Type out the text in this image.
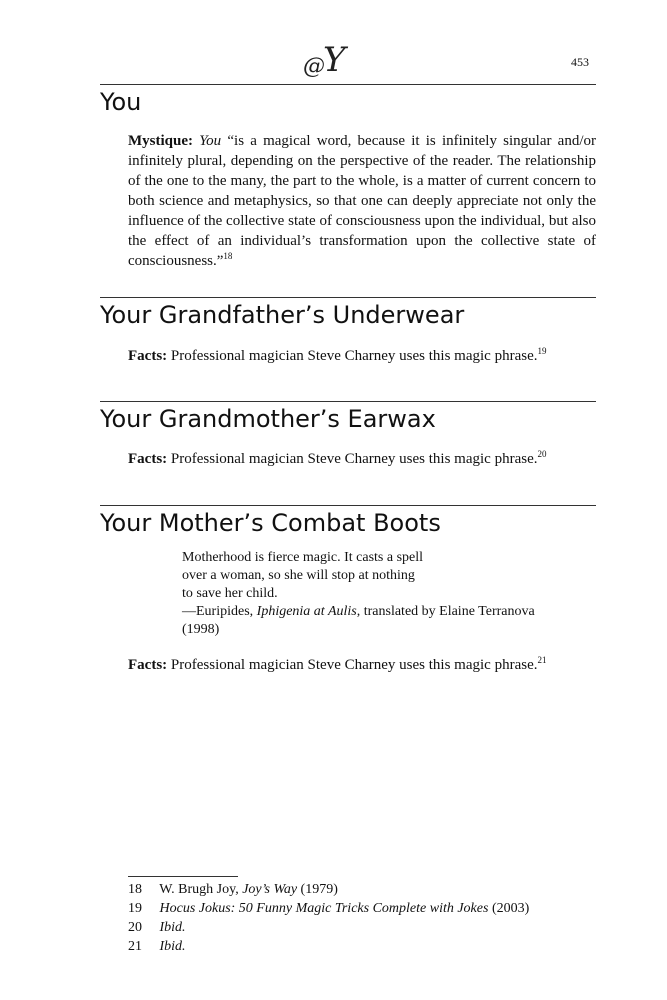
@
Y	453
You

Mystique: You “is a magical word, because it is infinitely singular and/or infinitely plural, depending on the perspective of the reader. The relationship of the one to the many, the part to the whole, is a matter of current concern to both science and metaphysics, so that one can deeply appreciate not only the influence of the collective state of consciousness upon the individual, but also the effect of an individual’s transformation upon the collective state of consciousness.”$^{18}$

Your Grandfather’s Underwear

Facts: Professional magician Steve Charney uses this magic phrase.$^{19}$

Your Grandmother’s Earwax

Facts: Professional magician Steve Charney uses this magic phrase.$^{20}$

Your Mother’s Combat Boots
Motherhood is fierce magic. It casts a spell
over a woman, so she will stop at nothing
to save her child.
—Euripides, Iphigenia at Aulis, translated by Elaine Terranova
(1998)

Facts: Professional magician Steve Charney uses this magic phrase.$^{21}$

18 W. Brugh Joy, Joy’s Way (1979)
19 Hocus Jokus: 50 Funny Magic Tricks Complete with Jokes (2003)
20 Ibid.
21 Ibid.
